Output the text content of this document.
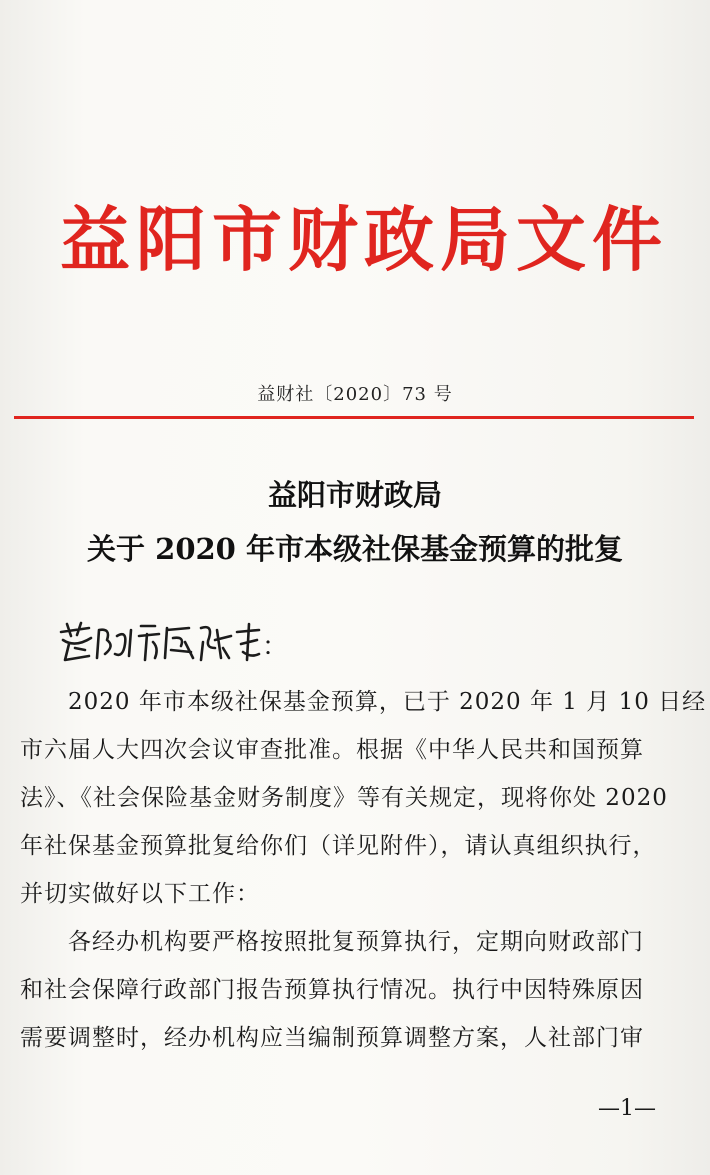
益阳市财政局文件
益财社〔2020〕73 号
益阳市财政局
关于 2020 年市本级社保基金预算的批复
：
　　2020 年市本级社保基金预算，已于 2020 年 1 月 10 日经
市六届人大四次会议审查批准。根据《中华人民共和国预算
法》、《社会保险基金财务制度》等有关规定，现将你处 2020
年社保基金预算批复给你们（详见附件），请认真组织执行，
并切实做好以下工作：
　　各经办机构要严格按照批复预算执行，定期向财政部门
和社会保障行政部门报告预算执行情况。执行中因特殊原因
需要调整时，经办机构应当编制预算调整方案，人社部门审
—1—
